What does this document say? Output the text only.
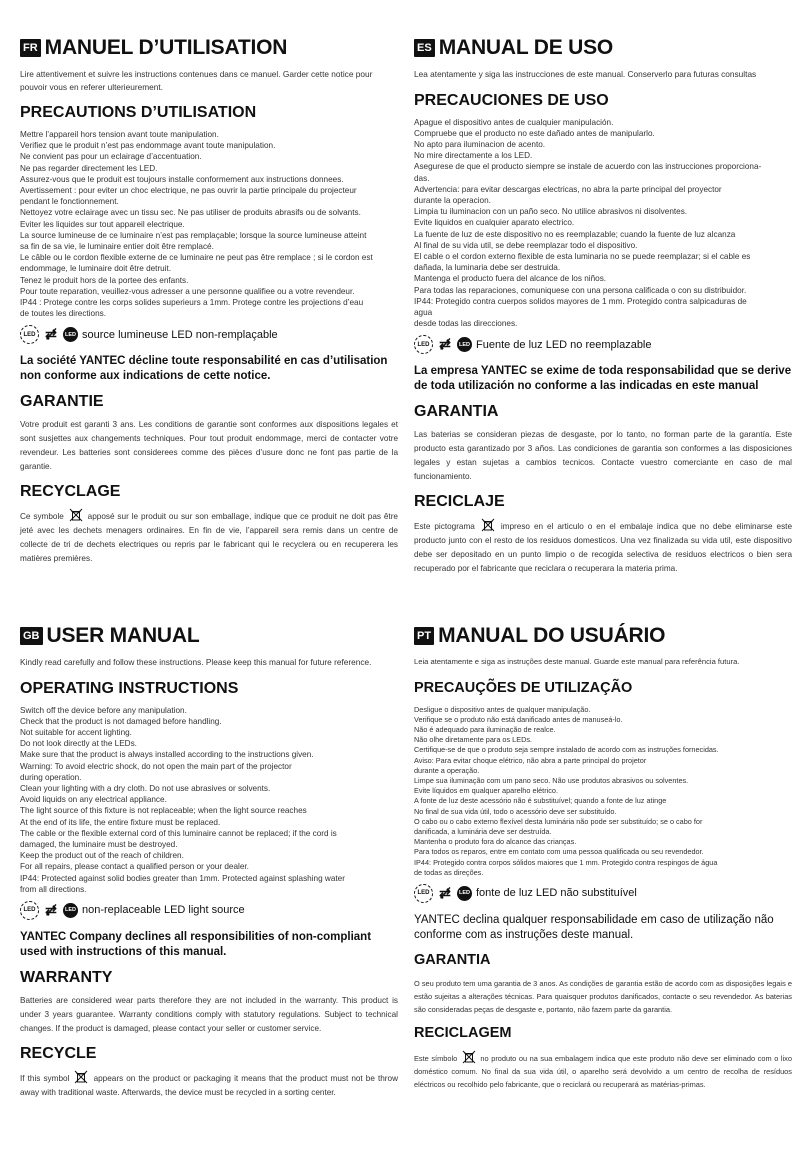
FR MANUEL D’UTILISATION
Lire attentivement et suivre les instructions contenues dans ce manuel. Garder cette notice pour pouvoir vous en referer ulterieurement.
PRECAUTIONS D’UTILISATION
Mettre l’appareil hors tension avant toute manipulation.
Verifiez que le produit n’est pas endommage avant toute manipulation.
Ne convient pas pour un eclairage d’accentuation.
Ne pas regarder directement les LED.
Assurez-vous que le produit est toujours installe conformement aux instructions donnees.
Avertissement : pour eviter un choc electrique, ne pas ouvrir la partie principale du projecteur
pendant le fonctionnement.
Nettoyez votre eclairage avec un tissu sec. Ne pas utiliser de produits abrasifs ou de solvants.
Eviter les liquides sur tout appareil electrique.
La source lumineuse de ce luminaire n’est pas remplaçable; lorsque la source lumineuse atteint
sa fin de sa vie, le luminaire entier doit être remplacé.
Le câble ou le cordon flexible externe de ce luminaire ne peut pas être remplace ; si le cordon est
endommage, le luminaire doit être detruit.
Tenez le produit hors de la portee des enfants.
Pour toute reparation, veuillez-vous adresser a une personne qualifiee ou a votre revendeur.
IP44 : Protege contre les corps solides superieurs a 1mm. Protege contre les projections d’eau
de toutes les directions.
LED ⇄̸	LED source lumineuse LED non-remplaçable
La société YANTEC décline toute responsabilité en cas d’utilisation non conforme aux indications de cette notice.
GARANTIE
Votre produit est garanti 3 ans. Les conditions de garantie sont conformes aux dispositions legales et sont susjettes aux changements techniques. Pour tout produit endommage, merci de contacter votre revendeur. Les batteries sont considerees comme des pièces d’usure donc ne font pas partie de la garantie.
RECYCLAGE
Ce symbole	apposé sur le produit ou sur son emballage, indique que ce produit ne doit pas être jeté avec les dechets menagers ordinaires. En fin de vie, l’appareil sera remis dans un centre de collecte de tri de dechets electriques ou repris par le fabricant qui le recyclera ou en recuperera les matières premières.
ES MANUAL DE USO
Lea atentamente y siga las instrucciones de este manual. Conserverlo para futuras consultas
PRECAUCIONES DE USO
Apague el dispositivo antes de cualquier manipulación.
Compruebe que el producto no este dañado antes de manipularlo.
No apto para iluminacion de acento.
No mire directamente a los LED.
Asegurese de que el producto siempre se instale de acuerdo con las instrucciones proporciona-
das.
Advertencia: para evitar descargas electricas, no abra la parte principal del proyector
durante la operacion.
Limpia tu iluminacion con un paño seco. No utilice abrasivos ni disolventes.
Evite liquidos en cualquier aparato electrico.
La fuente de luz de este dispositivo no es reemplazable; cuando la fuente de luz alcanza
Al final de su vida util, se debe reemplazar todo el dispositivo.
El cable o el cordon externo flexible de esta luminaria no se puede reemplazar; si el cable es
dañada, la luminaria debe ser destruida.
Mantenga el producto fuera del alcance de los niños.
Para todas las reparaciones, comuniquese con una persona calificada o con su distribuidor.
IP44: Protegido contra cuerpos solidos mayores de 1 mm. Protegido contra salpicaduras de
agua
desde todas las direcciones.
LED ⇄̸	LED Fuente de luz LED no reemplazable
La empresa YANTEC se exime de toda responsabilidad que se derive de toda utilización no conforme a las indicadas en este manual
GARANTIA
Las baterias se consideran piezas de desgaste, por lo tanto, no forman parte de la garantía. Este producto esta garantizado por 3 años. Las condiciones de garantia son conformes a las disposiciones legales y estan sujetas a cambios tecnicos. Contacte vuestro comerciante en caso de mal funcionamiento.
RECICLAJE
Este pictograma	impreso en el articulo o en el embalaje indica que no debe eliminarse este producto junto con el resto de los residuos domesticos. Una vez finalizada su vida util, este dispositivo debe ser depositado en un punto limpio o de recogida selectiva de residuos electricos o bien sera recuperado por el fabricante que reciclara o recuperara la materia prima.
GB USER MANUAL
Kindly read carefully and follow these instructions. Please keep this manual for future reference.
OPERATING INSTRUCTIONS
Switch off the device before any manipulation.
Check that the product is not damaged before handling.
Not suitable for accent lighting.
Do not look directly at the LEDs.
Make sure that the product is always installed according to the instructions given.
Warning: To avoid electric shock, do not open the main part of the projector
during operation.
Clean your lighting with a dry cloth. Do not use abrasives or solvents.
Avoid liquids on any electrical appliance.
The light source of this fixture is not replaceable; when the light source reaches
At the end of its life, the entire fixture must be replaced.
The cable or the flexible external cord of this luminaire cannot be replaced; if the cord is
damaged, the luminaire must be destroyed.
Keep the product out of the reach of children.
For all repairs, please contact a qualified person or your dealer.
IP44: Protected against solid bodies greater than 1mm. Protected against splashing water
from all directions.
LED ⇄̸	LED non-replaceable LED light source
YANTEC Company declines all responsibilities of non-compliant used with instructions of this manual.
WARRANTY
Batteries are considered wear parts therefore they are not included in the warranty. This product is under 3 years guarantee. Warranty conditions comply with statutory regulations. Subject to technical changes. If the product is damaged, please contact your seller or customer service.
RECYCLE
If this symbol	appears on the product or packaging it means that the product must not be throw away with traditional waste. Afterwards, the device must be recycled in a sorting center.
PT MANUAL DO USUÁRIO
Leia atentamente e siga as instruções deste manual. Guarde este manual para referência futura.
PRECAUÇÕES DE UTILIZAÇÃO
Desligue o dispositivo antes de qualquer manipulação.
Verifique se o produto não está danificado antes de manuseá-lo.
Não é adequado para iluminação de realce.
Não olhe diretamente para os LEDs.
Certifique-se de que o produto seja sempre instalado de acordo com as instruções fornecidas.
Aviso: Para evitar choque elétrico, não abra a parte principal do projetor
durante a operação.
Limpe sua iluminação com um pano seco. Não use produtos abrasivos ou solventes.
Evite líquidos em qualquer aparelho elétrico.
A fonte de luz deste acessório não é substituível; quando a fonte de luz atinge
No final de sua vida útil, todo o acessório deve ser substituído.
O cabo ou o cabo externo flexível desta luminária não pode ser substituído; se o cabo for
danificada, a luminária deve ser destruída.
Mantenha o produto fora do alcance das crianças.
Para todos os reparos, entre em contato com uma pessoa qualificada ou seu revendedor.
IP44: Protegido contra corpos sólidos maiores que 1 mm. Protegido contra respingos de água
de todas as direções.
LED ⇄̸	LED fonte de luz LED não substituível
YANTEC declina qualquer responsabilidade em caso de utilização não conforme com as instruções deste manual.
GARANTIA
O seu produto tem uma garantia de 3 anos. As condições de garantia estão de acordo com as disposições legais e estão sujeitas a alterações técnicas. Para quaisquer produtos danificados, contacte o seu revendedor. As baterias são consideradas peças de desgaste e, portanto, não fazem parte da garantia.
RECICLAGEM
Este símbolo	no produto ou na sua embalagem indica que este produto não deve ser eliminado com o lixo doméstico comum. No final da sua vida útil, o aparelho será devolvido a um centro de recolha de resíduos eléctricos ou recolhido pelo fabricante, que o reciclará ou recuperará as matérias-primas.
